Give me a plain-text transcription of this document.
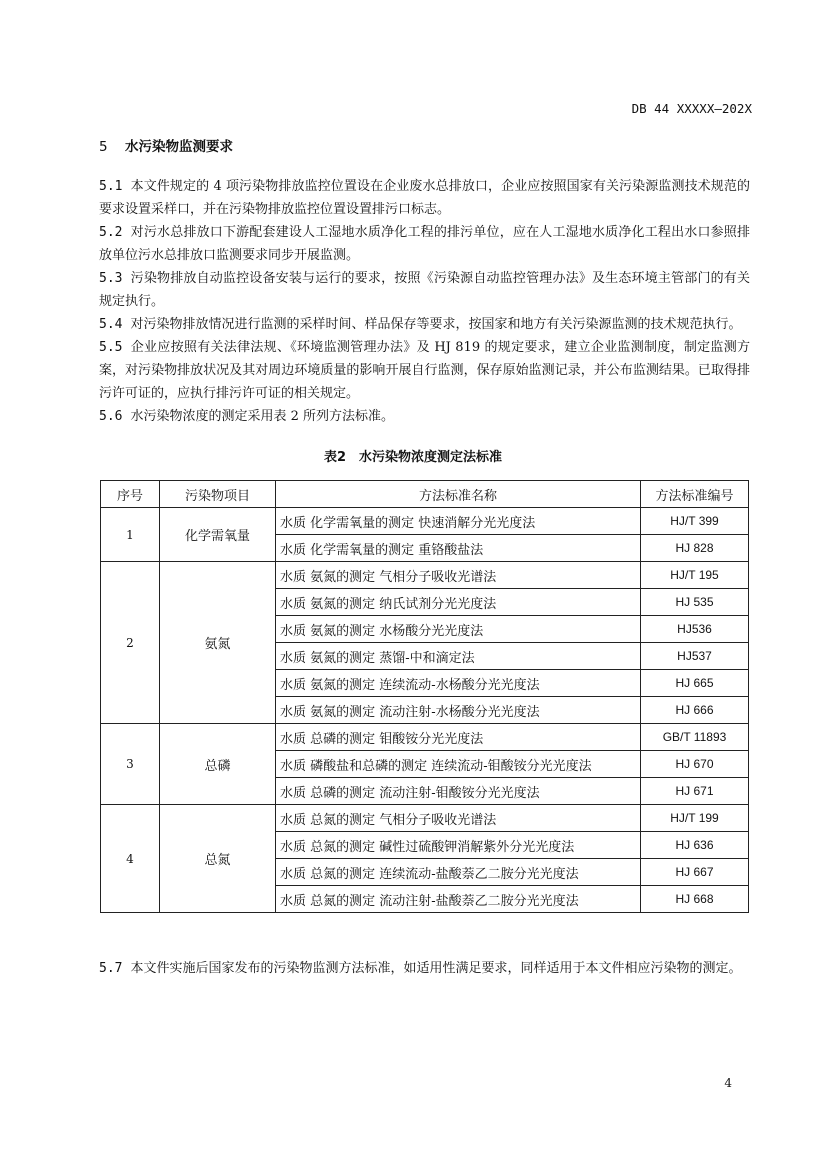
DB 44 XXXXX—202X
5 水污染物监测要求

5.1 本文件规定的 4 项污染物排放监控位置设在企业废水总排放口，企业应按照国家有关污染源监测技术规范的要求设置采样口，并在污染物排放监控位置设置排污口标志。

5.2 对污水总排放口下游配套建设人工湿地水质净化工程的排污单位，应在人工湿地水质净化工程出水口参照排放单位污水总排放口监测要求同步开展监测。

5.3 污染物排放自动监控设备安装与运行的要求，按照《污染源自动监控管理办法》及生态环境主管部门的有关规定执行。

5.4 对污染物排放情况进行监测的采样时间、样品保存等要求，按国家和地方有关污染源监测的技术规范执行。

5.5 企业应按照有关法律法规、《环境监测管理办法》及 HJ 819 的规定要求，建立企业监测制度，制定监测方案，对污染物排放状况及其对周边环境质量的影响开展自行监测，保存原始监测记录，并公布监测结果。已取得排污许可证的，应执行排污许可证的相关规定。

5.6 水污染物浓度的测定采用表 2 所列方法标准。

表2　水污染物浓度测定法标准
序号	污染物项目	方法标准名称	方法标准编号
1	化学需氧量	水质 化学需氧量的测定 快速消解分光光度法	HJ/T 399
		水质 化学需氧量的测定 重铬酸盐法	HJ 828
2	氨氮	水质 氨氮的测定 气相分子吸收光谱法	HJ/T 195
		水质 氨氮的测定 纳氏试剂分光光度法	HJ 535
		水质 氨氮的测定 水杨酸分光光度法	HJ536
		水质 氨氮的测定 蒸馏-中和滴定法	HJ537
		水质 氨氮的测定 连续流动-水杨酸分光光度法	HJ 665
		水质 氨氮的测定 流动注射-水杨酸分光光度法	HJ 666
3	总磷	水质 总磷的测定 钼酸铵分光光度法	GB/T 11893
		水质 磷酸盐和总磷的测定 连续流动-钼酸铵分光光度法	HJ 670
		水质 总磷的测定 流动注射-钼酸铵分光光度法	HJ 671
4	总氮	水质 总氮的测定 气相分子吸收光谱法	HJ/T 199
		水质 总氮的测定 碱性过硫酸钾消解紫外分光光度法	HJ 636
		水质 总氮的测定 连续流动-盐酸萘乙二胺分光光度法	HJ 667
		水质 总氮的测定 流动注射-盐酸萘乙二胺分光光度法	HJ 668

5.7 本文件实施后国家发布的污染物监测方法标准，如适用性满足要求，同样适用于本文件相应污染物的测定。

4
